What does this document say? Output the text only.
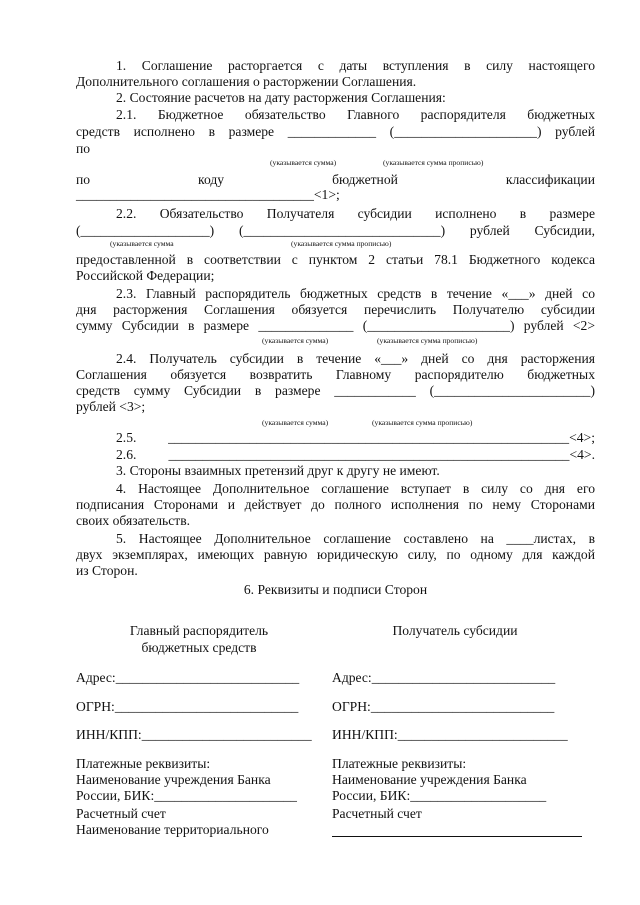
1. Соглашение расторгается с даты вступления в силу настоящего
Дополнительного соглашения о расторжении Соглашения.
2. Состояние расчетов на дату расторжения Соглашения:
2.1. Бюджетное обязательство Главного распорядителя бюджетных
средств исполнено в размере _____________ (_____________________) рублей
по
(указывается сумма)	(указывается сумма прописью)
по	коду	бюджетной	классификации
___________________________________<1>;
2.2. Обязательство Получателя субсидии исполнено в размере
(___________________) (_____________________________) рублей Субсидии,
(указывается сумма	(указывается сумма прописью)
предоставленной в соответствии с пунктом 2 статьи 78.1 Бюджетного кодекса
Российской Федерации;
2.3. Главный распорядитель бюджетных средств в течение «___» дней со
дня расторжения Соглашения обязуется перечислить Получателю субсидии
сумму Субсидии в размере ______________ (_____________________) рублей <2>
(указывается сумма)	(указывается сумма прописью)
2.4. Получатель субсидии в течение «___» дней со дня расторжения
Соглашения обязуется возвратить Главному распорядителю бюджетных
средств сумму Субсидии в размере ____________ (_______________________)
рублей <3>;
(указывается сумма)	(указывается сумма прописью)
2.5. ___________________________________________________________<4>;
2.6. ___________________________________________________________<4>.
3. Стороны взаимных претензий друг к другу не имеют.
4. Настоящее Дополнительное соглашение вступает в силу со дня его
подписания Сторонами и действует до полного исполнения по нему Сторонами
своих обязательств.
5. Настоящее Дополнительное соглашение составлено на ____листах, в
двух экземплярах, имеющих равную юридическую силу, по одному для каждой
из Сторон.
6. Реквизиты и подписи Сторон
Главный распорядитель
бюджетных средств
Адрес:___________________________
ОГРН:___________________________
ИНН/КПП:_________________________
Платежные реквизиты:
Наименование учреждения Банка
России, БИК:_____________________
Расчетный счет
Наименование территориального
Получатель субсидии
Адрес:___________________________
ОГРН:___________________________
ИНН/КПП:_________________________
Платежные реквизиты:
Наименование учреждения Банка
России, БИК:____________________
Расчетный счет
